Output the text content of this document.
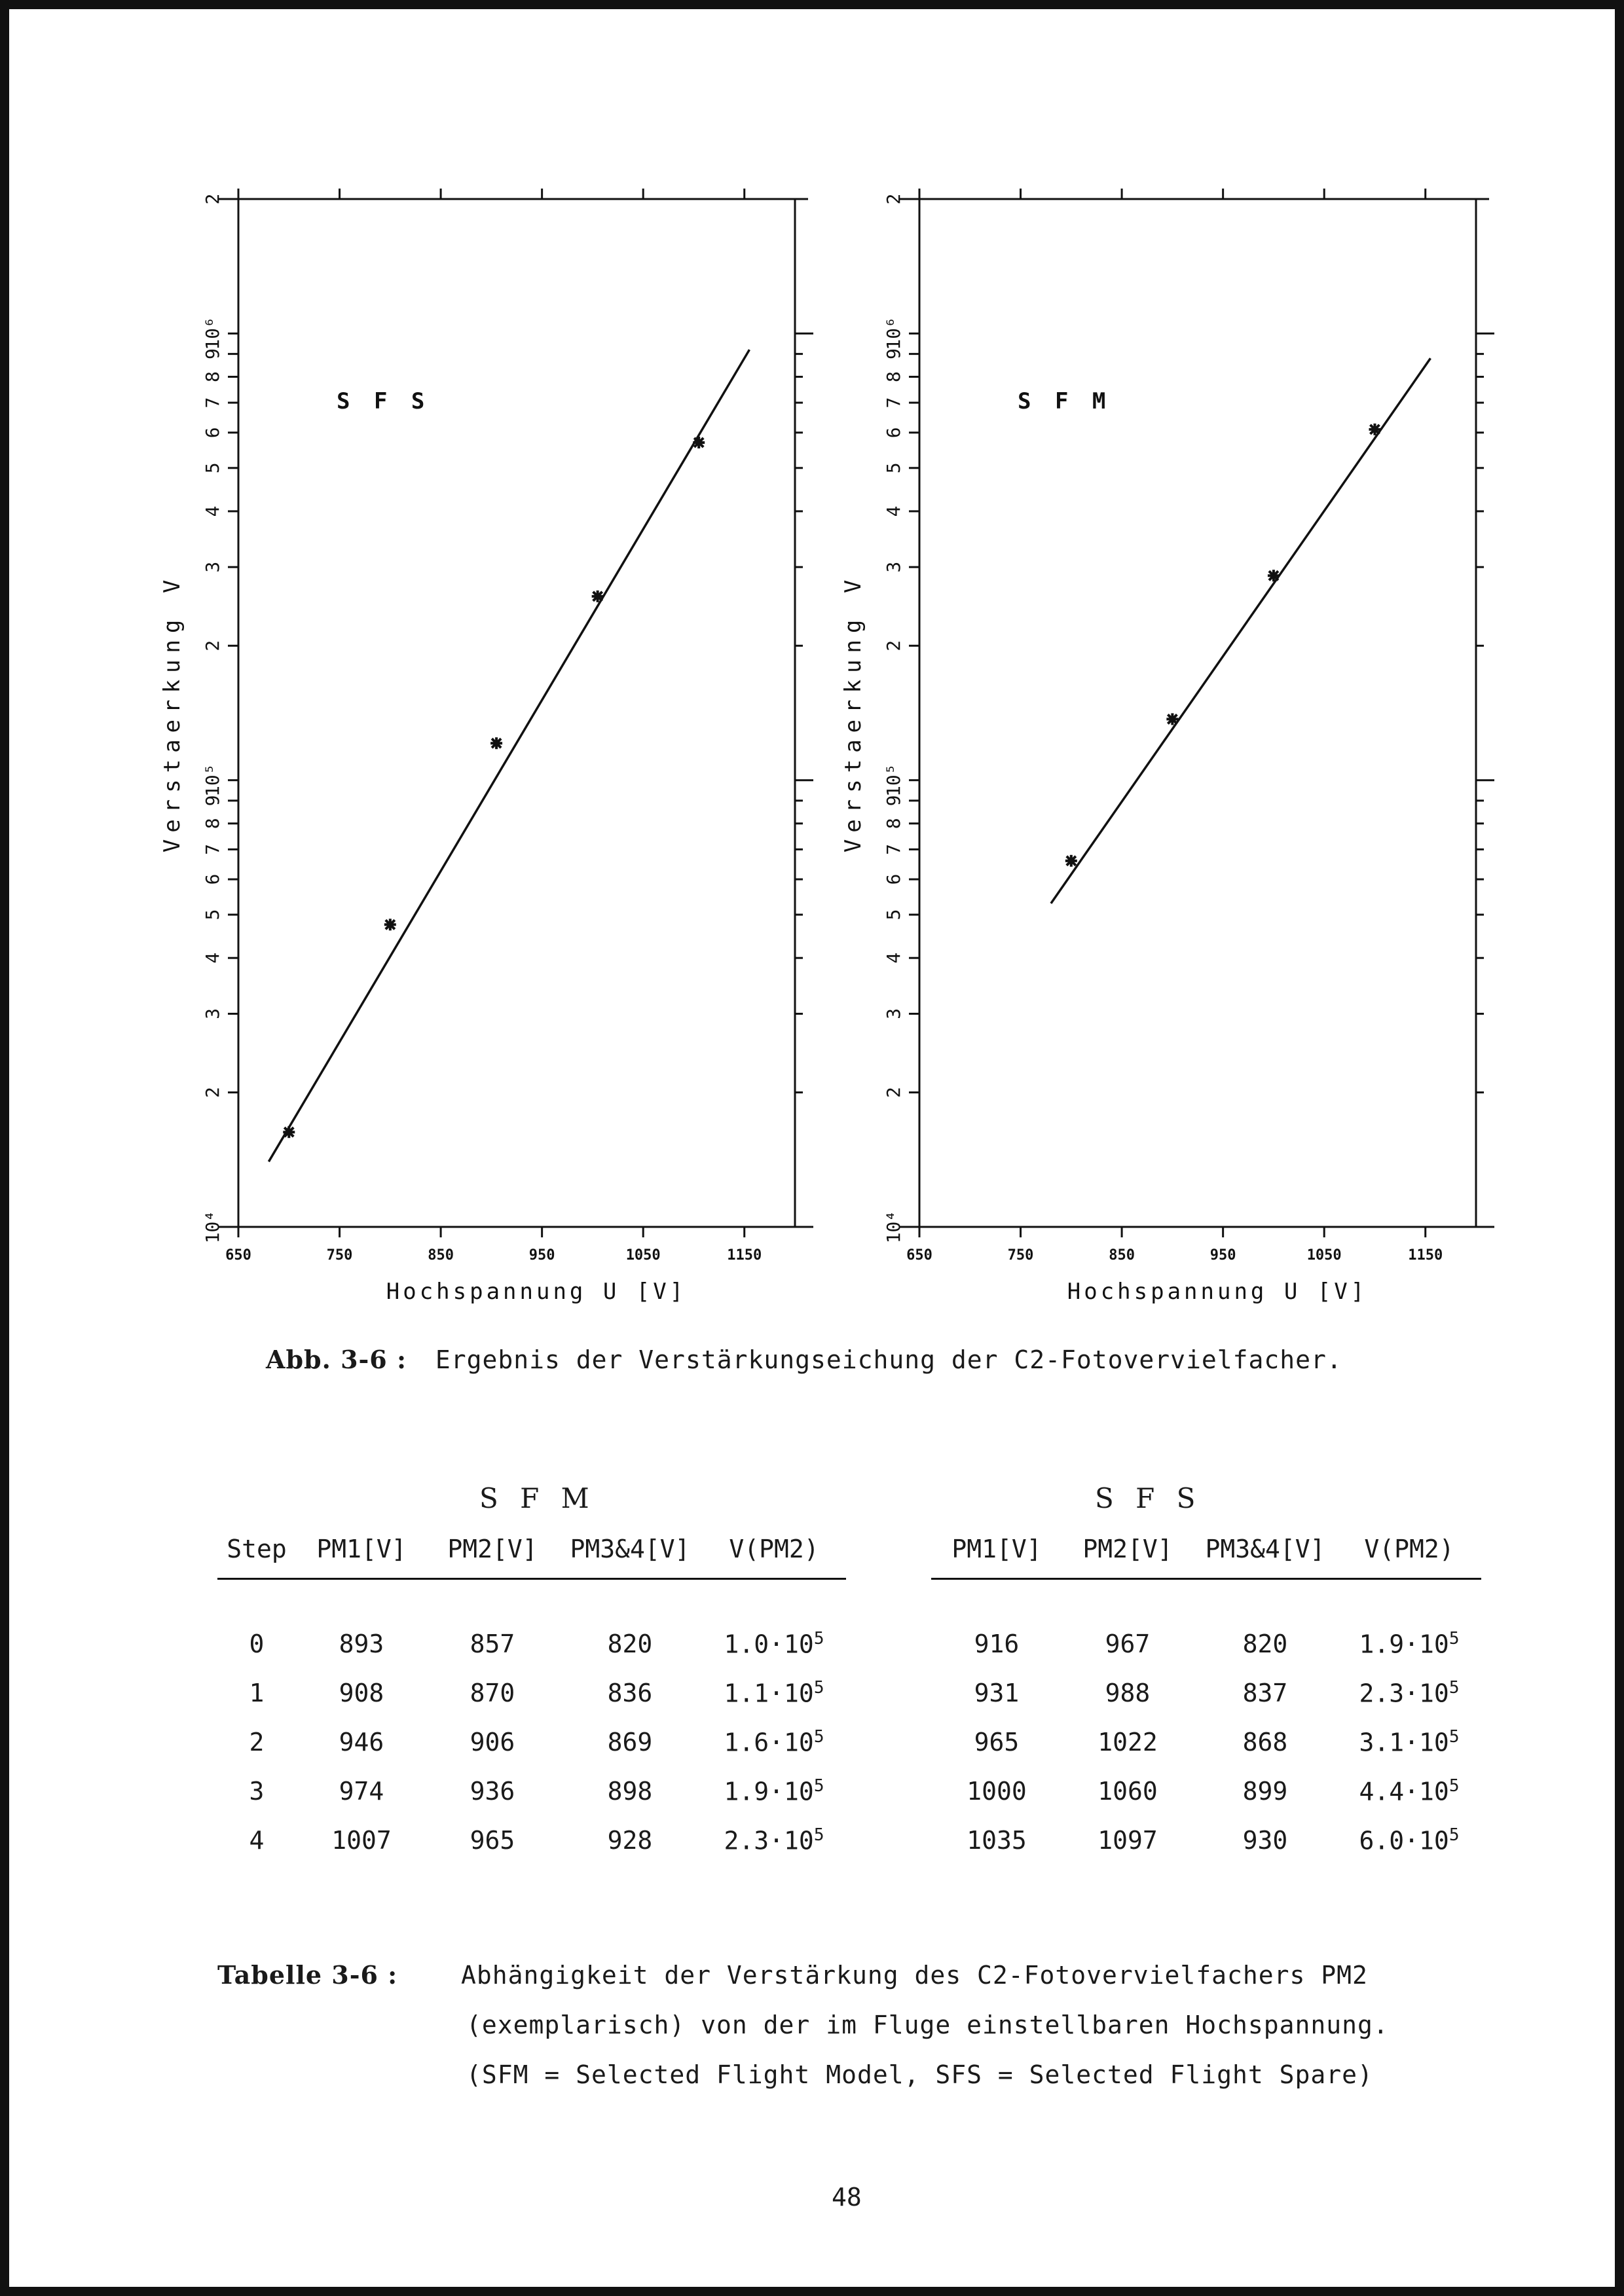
650	750	850	950	1050	1150
10⁴
2
3
4
5
6
7
8
9
10⁵
2
3
4
5
6
7
8
9
10⁶
2
Hochspannung U [V]
Verstaerkung V
S F S
650	750	850	950	1050	1150
10⁴
2
3
4
5
6
7
8
9
10⁵
2
3
4
5
6
7
8
9
10⁶
2
Hochspannung U [V]
Verstaerkung V
S F M
Abb. 3-6 : Ergebnis der Verstärkungseichung der C2-Fotovervielfacher.
S F M
Step	PM1[V]	PM2[V]	PM3&4[V]	V(PM2)

0	893	857	820	$1.0\cdot 10^5$
1	908	870	836	$1.1\cdot 10^5$
2	946	906	869	$1.6\cdot 10^5$
3	974	936	898	$1.9\cdot 10^5$
4	1007	965	928	$2.3\cdot 10^5$
S F S
PM1[V]	PM2[V]	PM3&4[V]	V(PM2)

916	967	820	$1.9\cdot 10^5$
931	988	837	$2.3\cdot 10^5$
965	1022	868	$3.1\cdot 10^5$
1000	1060	899	$4.4\cdot 10^5$
1035	1097	930	$6.0\cdot 10^5$
Tabelle 3-6 :	Abhängigkeit der Verstärkung des C2-Fotovervielfachers PM2
(exemplarisch) von der im Fluge einstellbaren Hochspannung.
(SFM = Selected Flight Model, SFS = Selected Flight Spare)
48
